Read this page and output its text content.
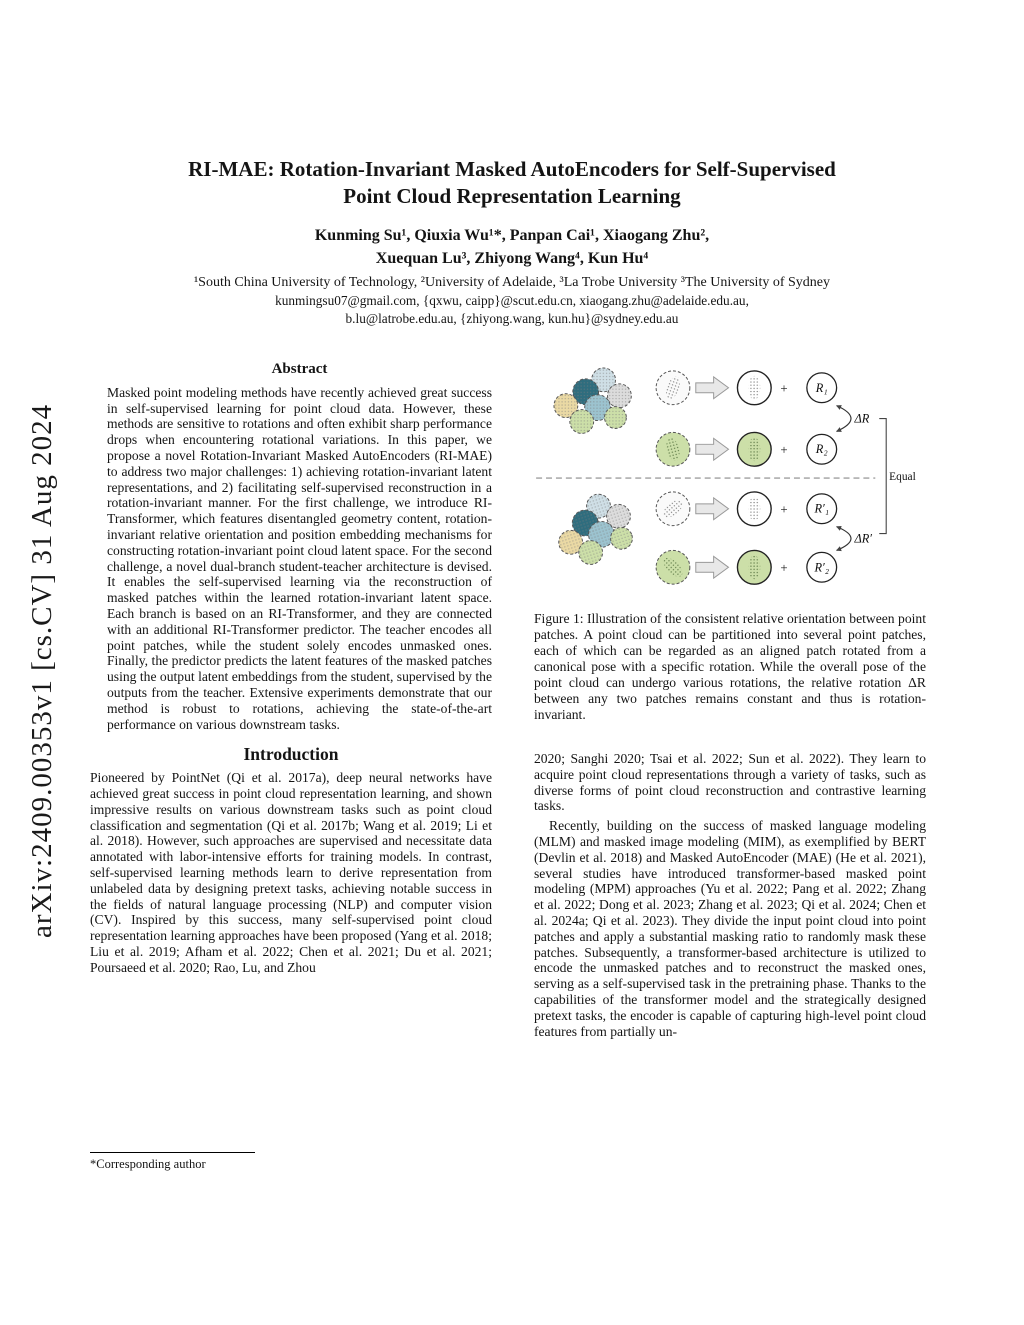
arXiv:2409.00353v1 [cs.CV] 31 Aug 2024
RI-MAE: Rotation-Invariant Masked AutoEncoders for Self-Supervised
Point Cloud Representation Learning
Kunming Su¹, Qiuxia Wu¹*, Panpan Cai¹, Xiaogang Zhu²,
Xuequan Lu³, Zhiyong Wang⁴, Kun Hu⁴
¹South China University of Technology, ²University of Adelaide, ³La Trobe University ³The University of Sydney
kunmingsu07@gmail.com, {qxwu, caipp}@scut.edu.cn, xiaogang.zhu@adelaide.edu.au,
b.lu@latrobe.edu.au, {zhiyong.wang, kun.hu}@sydney.edu.au
Abstract
Masked point modeling methods have recently achieved great success in self-supervised learning for point cloud data. However, these methods are sensitive to rotations and often exhibit sharp performance drops when encountering rotational variations. In this paper, we propose a novel Rotation-Invariant Masked AutoEncoders (RI-MAE) to address two major challenges: 1) achieving rotation-invariant latent representations, and 2) facilitating self-supervised reconstruction in a rotation-invariant manner. For the first challenge, we introduce RI-Transformer, which features disentangled geometry content, rotation-invariant relative orientation and position embedding mechanisms for constructing rotation-invariant point cloud latent space. For the second challenge, a novel dual-branch student-teacher architecture is devised. It enables the self-supervised learning via the reconstruction of masked patches within the learned rotation-invariant latent space. Each branch is based on an RI-Transformer, and they are connected with an additional RI-Transformer predictor. The teacher encodes all point patches, while the student solely encodes unmasked ones. Finally, the predictor predicts the latent features of the masked patches using the output latent embeddings from the student, supervised by the outputs from the teacher. Extensive experiments demonstrate that our method is robust to rotations, achieving the state-of-the-art performance on various downstream tasks.
Introduction
Pioneered by PointNet (Qi et al. 2017a), deep neural networks have achieved great success in point cloud representation learning, and shown impressive results on various downstream tasks such as point cloud classification and segmentation (Qi et al. 2017b; Wang et al. 2019; Li et al. 2018). However, such approaches are supervised and necessitate data annotated with labor-intensive efforts for training models. In contrast, self-supervised learning methods learn to derive representation from unlabeled data by designing pretext tasks, achieving notable success in the fields of natural language processing (NLP) and computer vision (CV). Inspired by this success, many self-supervised point cloud representation learning approaches have been proposed (Yang et al. 2018; Liu et al. 2019; Afham et al. 2022; Chen et al. 2021; Du et al. 2021; Poursaeed et al. 2020; Rao, Lu, and Zhou
*Corresponding author
+ R₁
+ R₂
ΔR
+ R′₁
+ R′₂
ΔR′
Equal
Figure 1: Illustration of the consistent relative orientation between point patches. A point cloud can be partitioned into several point patches, each of which can be regarded as an aligned patch rotated from a canonical pose with a specific rotation. While the overall pose of the point cloud can undergo various rotations, the relative rotation ΔR between any two patches remains constant and thus is rotation-invariant.
2020; Sanghi 2020; Tsai et al. 2022; Sun et al. 2022). They learn to acquire point cloud representations through a variety of tasks, such as diverse forms of point cloud reconstruction and contrastive learning tasks.
Recently, building on the success of masked language modeling (MLM) and masked image modeling (MIM), as exemplified by BERT (Devlin et al. 2018) and Masked AutoEncoder (MAE) (He et al. 2021), several studies have introduced transformer-based masked point modeling (MPM) approaches (Yu et al. 2022; Pang et al. 2022; Zhang et al. 2022; Dong et al. 2023; Zhang et al. 2023; Qi et al. 2024; Chen et al. 2024a; Qi et al. 2023). They divide the input point cloud into point patches and apply a substantial masking ratio to randomly mask these patches. Subsequently, a transformer-based architecture is utilized to encode the unmasked patches and to reconstruct the masked ones, serving as a self-supervised task in the pretraining phase. Thanks to the capabilities of the transformer model and the strategically designed pretext tasks, the encoder is capable of capturing high-level point cloud features from partially un-
